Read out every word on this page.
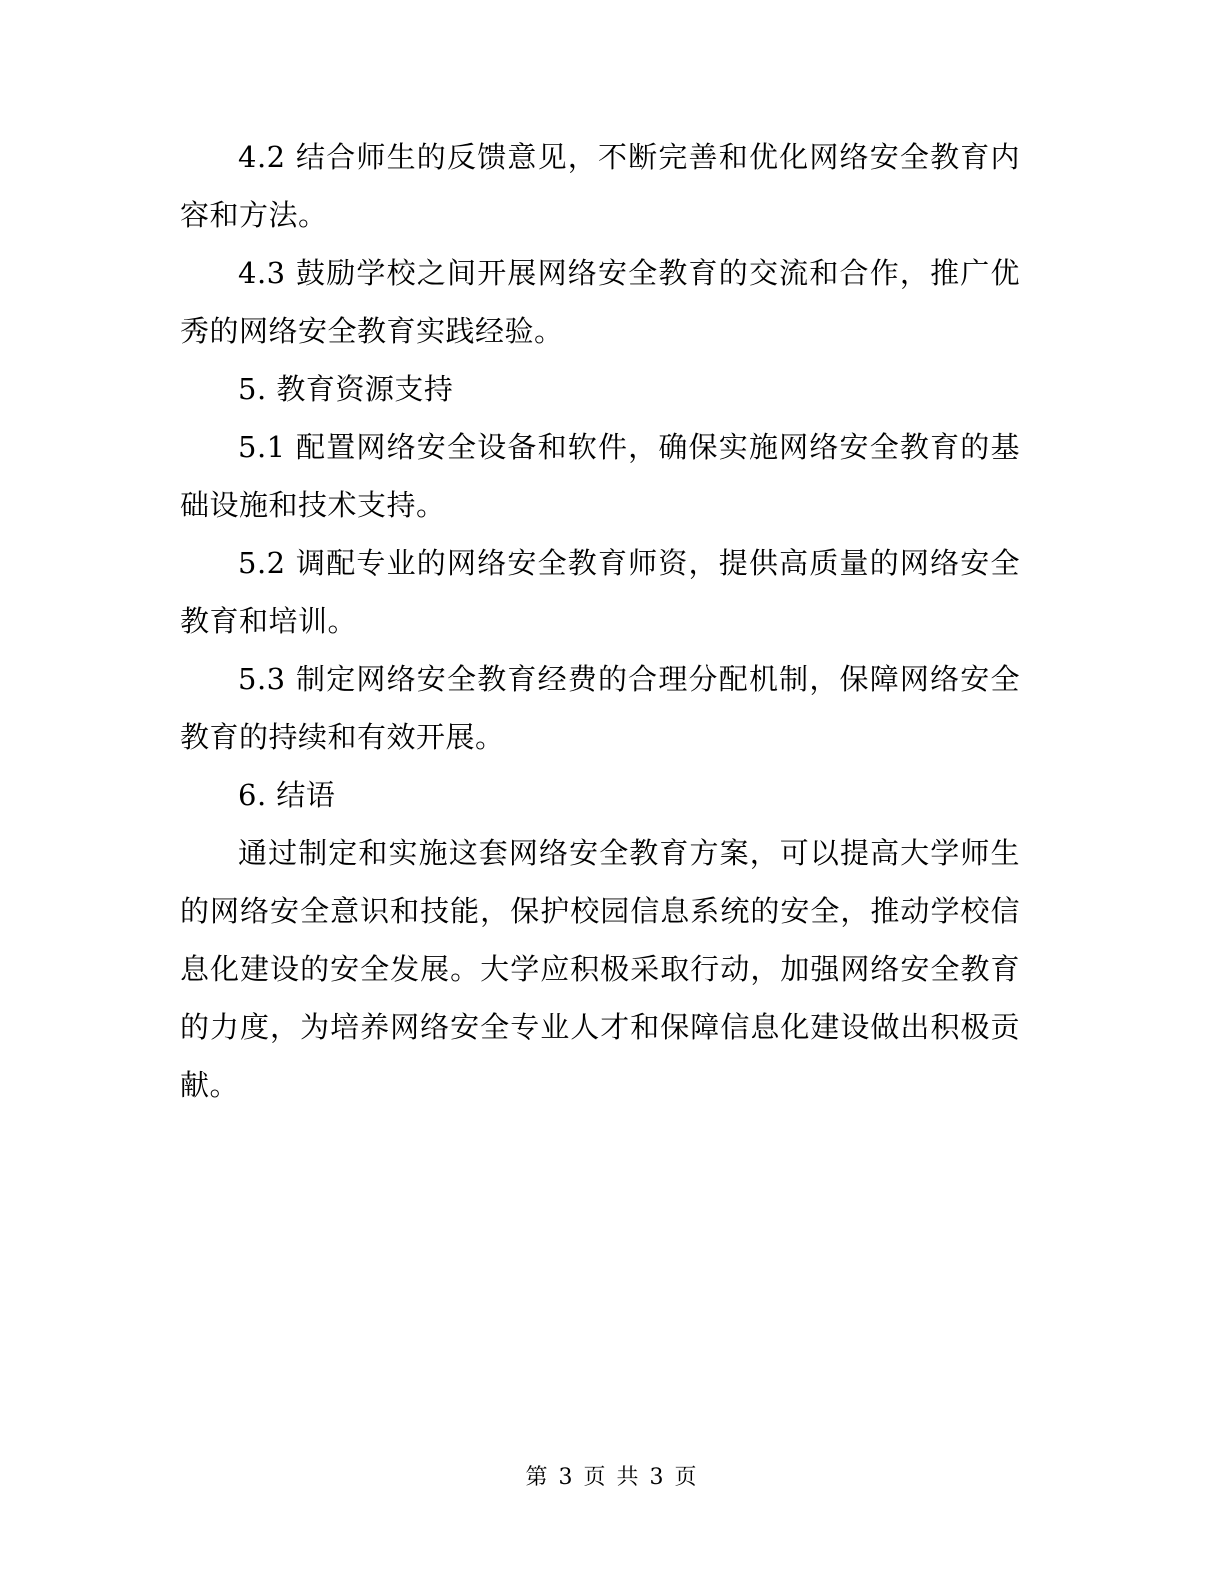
4.2 结合师生的反馈意见，不断完善和优化网络安全教育内容和方法。

4.3 鼓励学校之间开展网络安全教育的交流和合作，推广优秀的网络安全教育实践经验。

5. 教育资源支持

5.1 配置网络安全设备和软件，确保实施网络安全教育的基础设施和技术支持。

5.2 调配专业的网络安全教育师资，提供高质量的网络安全教育和培训。

5.3 制定网络安全教育经费的合理分配机制，保障网络安全教育的持续和有效开展。

6. 结语

通过制定和实施这套网络安全教育方案，可以提高大学师生的网络安全意识和技能，保护校园信息系统的安全，推动学校信息化建设的安全发展。大学应积极采取行动，加强网络安全教育的力度，为培养网络安全专业人才和保障信息化建设做出积极贡献。

第 3 页 共 3 页
